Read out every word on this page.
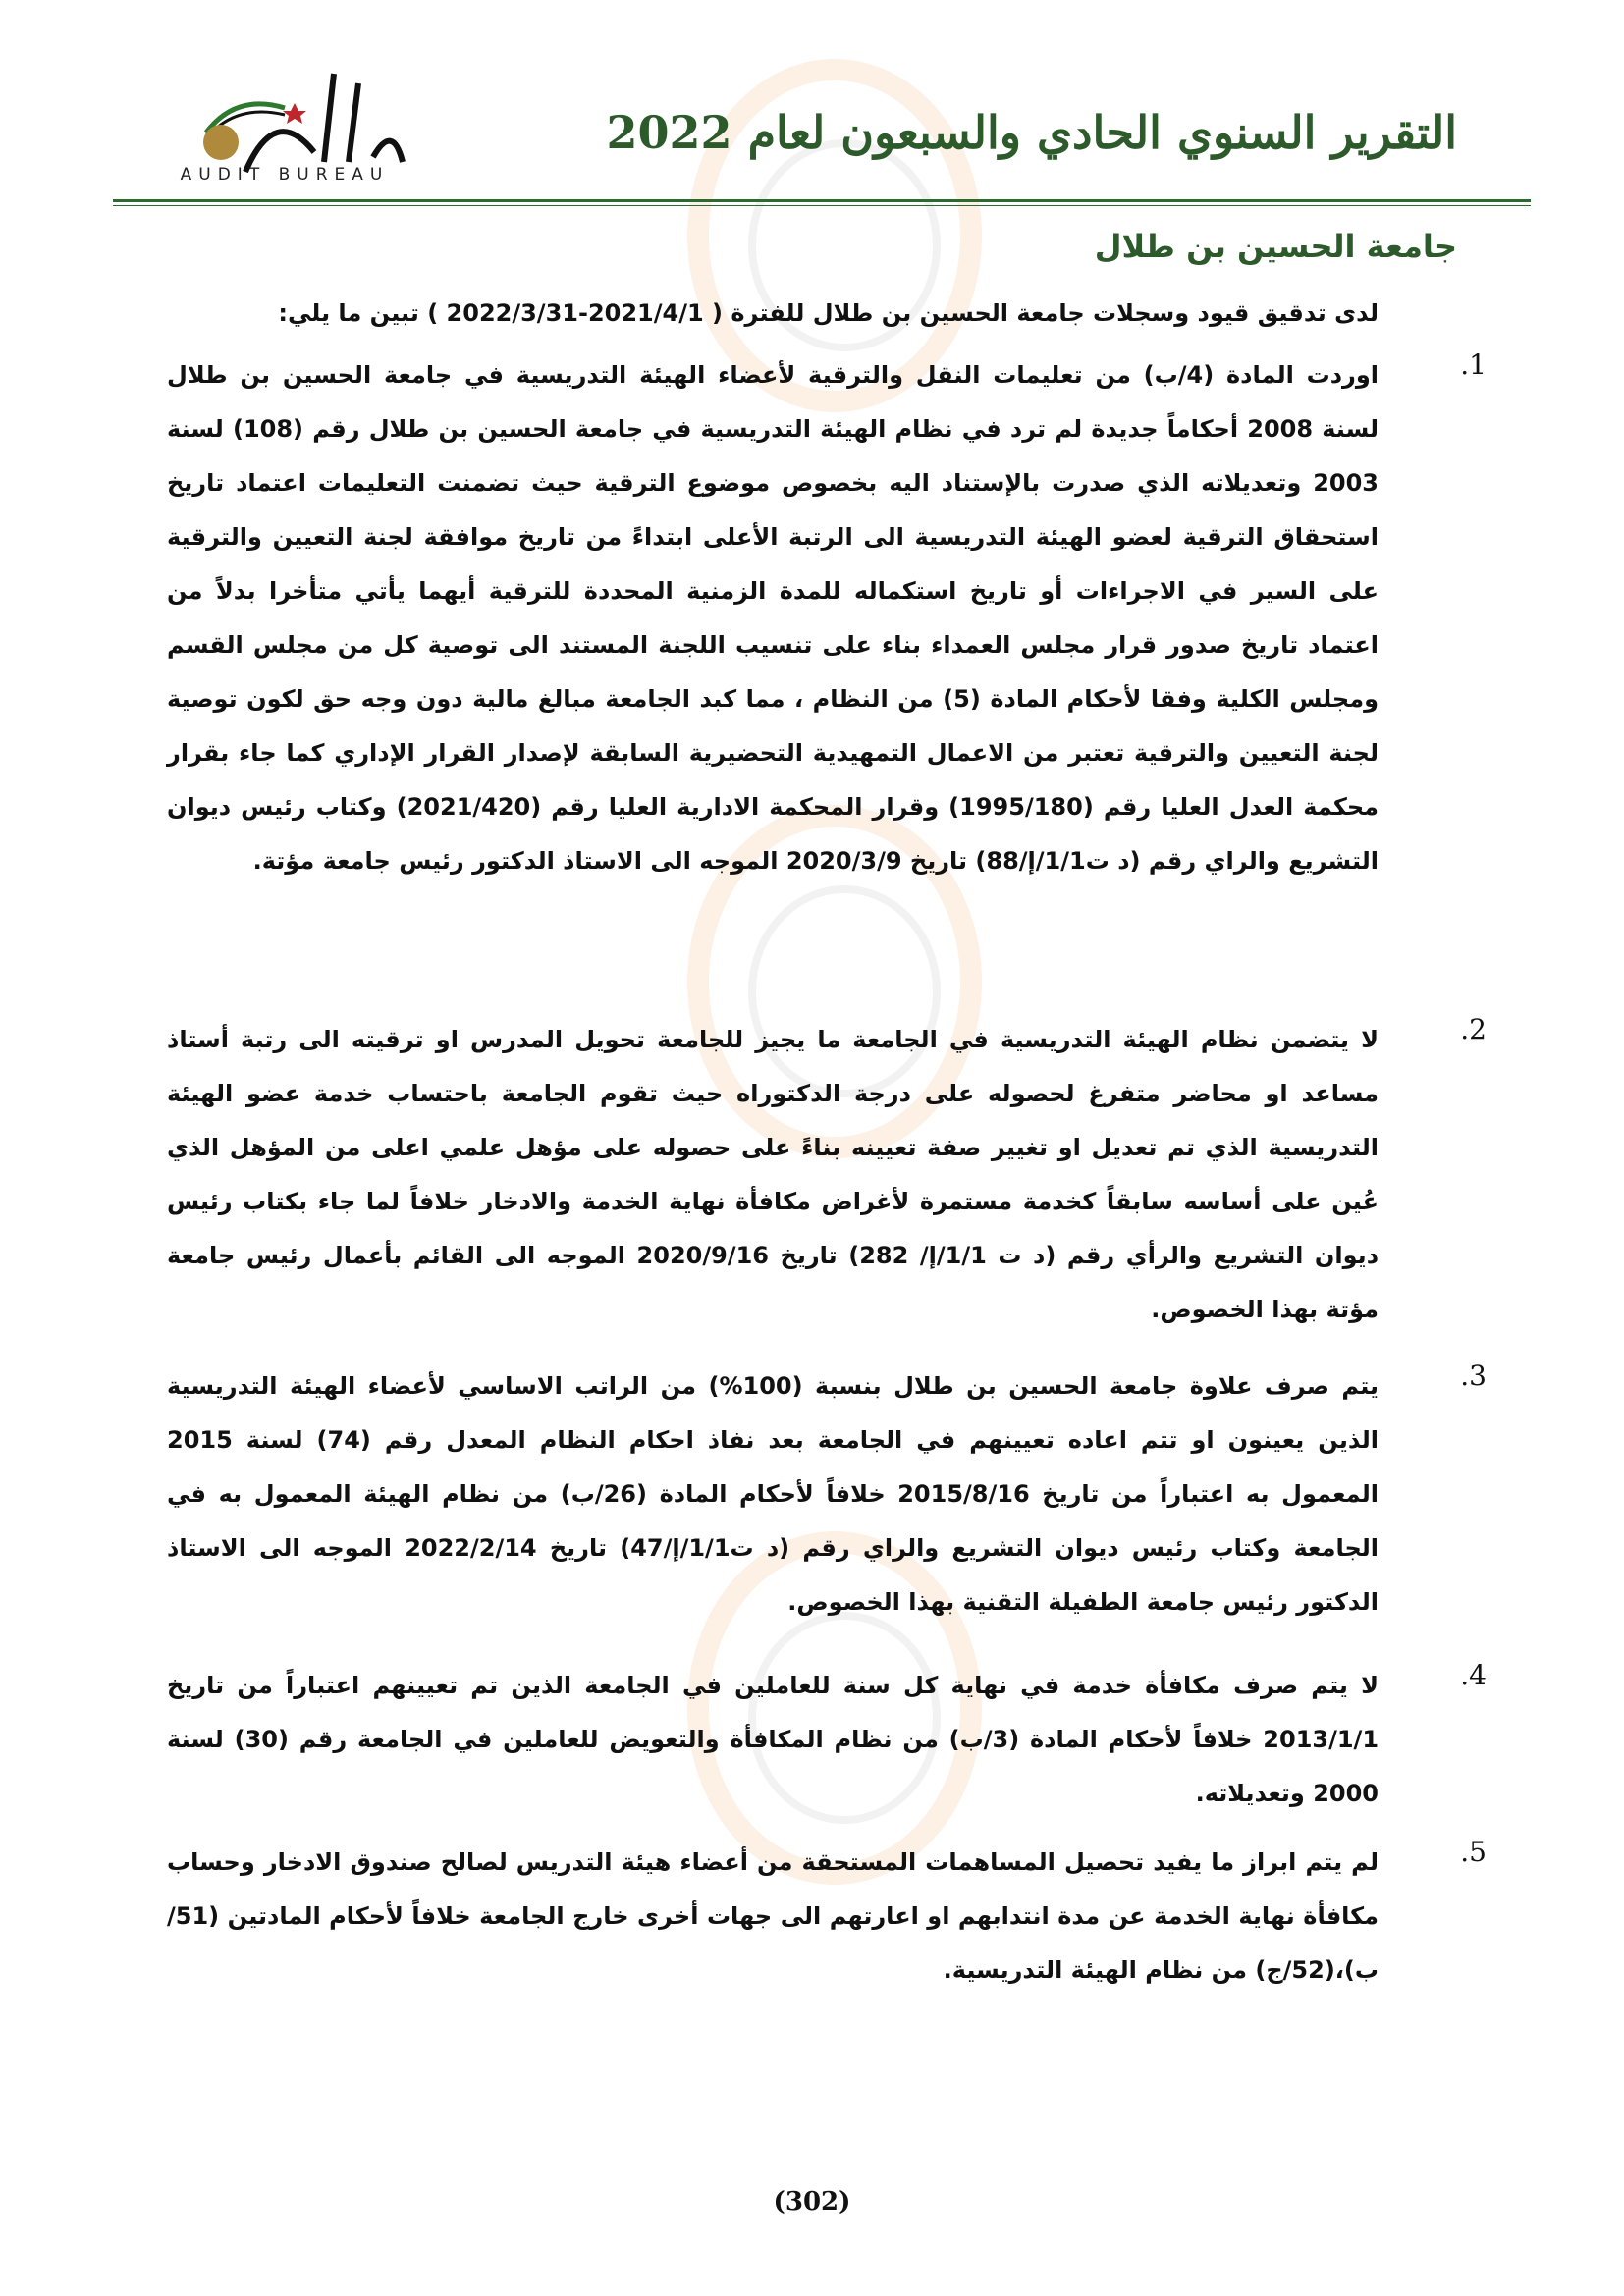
التقرير السنوي الحادي والسبعون لعام 2022
AUDIT BUREAU
جامعة الحسين بن طلال
لدى تدقيق قيود وسجلات جامعة الحسين بن طلال للفترة ( 2021/4/1-2022/3/31 ) تبين ما يلي:
1.
اوردت المادة (4/ب) من تعليمات النقل والترقية لأعضاء الهيئة التدريسية في جامعة الحسين بن طلال لسنة 2008 أحكاماً جديدة لم ترد في نظام الهيئة التدريسية في جامعة الحسين بن طلال رقم (108) لسنة 2003 وتعديلاته الذي صدرت بالإستناد اليه بخصوص موضوع الترقية حيث تضمنت التعليمات اعتماد تاريخ استحقاق الترقية لعضو الهيئة التدريسية الى الرتبة الأعلى ابتداءً من تاريخ موافقة لجنة التعيين والترقية على السير في الاجراءات أو تاريخ استكماله للمدة الزمنية المحددة للترقية أيهما يأتي متأخرا بدلاً من اعتماد تاريخ صدور قرار مجلس العمداء بناء على تنسيب اللجنة المستند الى توصية كل من مجلس القسم ومجلس الكلية وفقا لأحكام المادة (5) من النظام ، مما كبد الجامعة مبالغ مالية دون وجه حق لكون توصية لجنة التعيين والترقية تعتبر من الاعمال التمهيدية التحضيرية السابقة لإصدار القرار الإداري كما جاء بقرار محكمة العدل العليا رقم (1995/180) وقرار المحكمة الادارية العليا رقم (2021/420) وكتاب رئيس ديوان التشريع والراي رقم (د ت1/1/إ/88) تاريخ 2020/3/9 الموجه الى الاستاذ الدكتور رئيس جامعة مؤتة.
2.
لا يتضمن نظام الهيئة التدريسية في الجامعة ما يجيز للجامعة تحويل المدرس او ترقيته الى رتبة أستاذ مساعد او محاضر متفرغ لحصوله على درجة الدكتوراه حيث تقوم الجامعة باحتساب خدمة عضو الهيئة التدريسية الذي تم تعديل او تغيير صفة تعيينه بناءً على حصوله على مؤهل علمي اعلى من المؤهل الذي عُين على أساسه سابقاً كخدمة مستمرة لأغراض مكافأة نهاية الخدمة والادخار خلافاً لما جاء بكتاب رئيس ديوان التشريع والرأي رقم (د ت 1/1/إ/ 282) تاريخ 2020/9/16 الموجه الى القائم بأعمال رئيس جامعة مؤتة بهذا الخصوص.
3.
يتم صرف علاوة جامعة الحسين بن طلال بنسبة (100%) من الراتب الاساسي لأعضاء الهيئة التدريسية الذين يعينون او تتم اعاده تعيينهم في الجامعة بعد نفاذ احكام النظام المعدل رقم (74) لسنة 2015 المعمول به اعتباراً من تاريخ 2015/8/16 خلافاً لأحكام المادة (26/ب) من نظام الهيئة المعمول به في الجامعة وكتاب رئيس ديوان التشريع والراي رقم (د ت1/1/إ/47) تاريخ 2022/2/14 الموجه الى الاستاذ الدكتور رئيس جامعة الطفيلة التقنية بهذا الخصوص.
4.
لا يتم صرف مكافأة خدمة في نهاية كل سنة للعاملين في الجامعة الذين تم تعيينهم اعتباراً من تاريخ 2013/1/1 خلافاً لأحكام المادة (3/ب) من نظام المكافأة والتعويض للعاملين في الجامعة رقم (30) لسنة 2000 وتعديلاته.
5.
لم يتم ابراز ما يفيد تحصيل المساهمات المستحقة من أعضاء هيئة التدريس لصالح صندوق الادخار وحساب مكافأة نهاية الخدمة عن مدة انتدابهم او اعارتهم الى جهات أخرى خارج الجامعة خلافاً لأحكام المادتين (51/ب)،(52/ج) من نظام الهيئة التدريسية.
(302)
